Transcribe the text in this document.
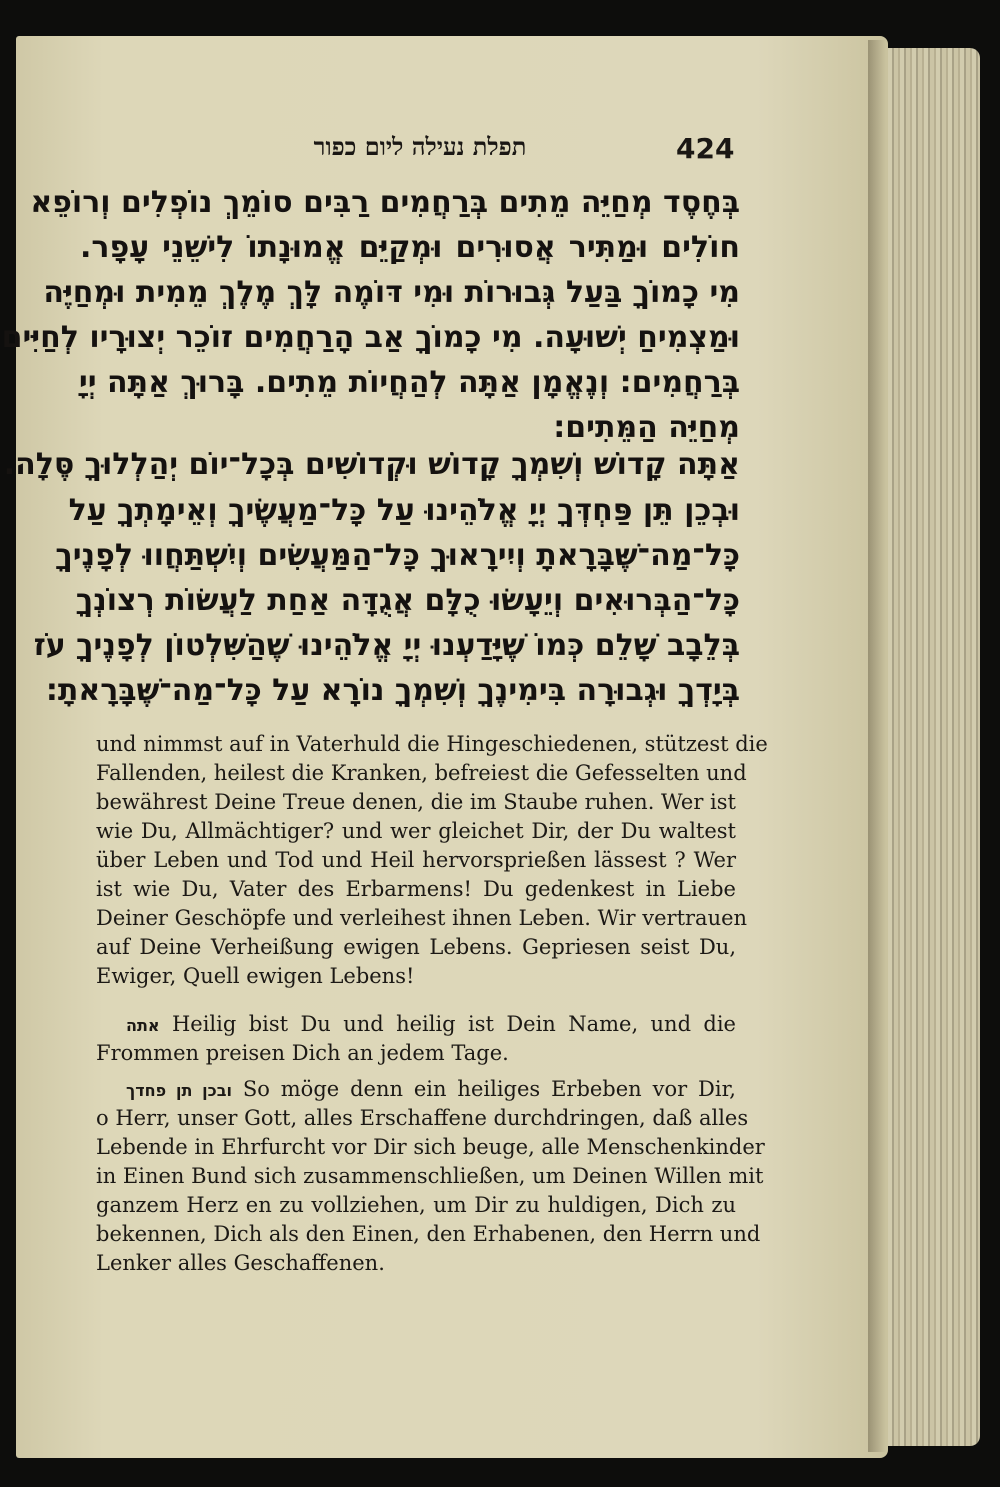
תפלת נעילה ליום כפור	424
בְּחֶסֶד מְחַיֵּה מֵתִים בְּרַחֲמִים רַבִּים סוֹמֵךְ נוֹפְלִים וְרוֹפֵא
חוֹלִים וּמַתִּיר אֲסוּרִים וּמְקַיֵּם אֱמוּנָתוֹ לִישֵׁנֵי עָפָר.
מִי כָמוֹךָ בַּעַל גְּבוּרוֹת וּמִי דּוֹמֶה לָּךְ מֶלֶךְ מֵמִית וּמְחַיֶּה
וּמַצְמִיחַ יְשׁוּעָה. מִי כָמוֹךָ אַב הָרַחֲמִים זוֹכֵר יְצוּרָיו לְחַיִּים
בְּרַחֲמִים: וְנֶאֱמָן אַתָּה לְהַחֲיוֹת מֵתִים. בָּרוּךְ אַתָּה יְיָ
מְחַיֵּה הַמֵּתִים:
אַתָּה קָדוֹשׁ וְשִׁמְךָ קָדוֹשׁ וּקְדוֹשִׁים בְּכָל־יוֹם יְהַלְלוּךָ סֶּלָה.
וּבְכֵן תֵּן פַּחְדְּךָ יְיָ אֱלֹהֵינוּ עַל כָּל־מַעֲשֶׂיךָ וְאֵימָתְךָ עַל
כָּל־מַה־שֶּׁבָּרָאתָ וְיִירָאוּךָ כָּל־הַמַּעֲשִׂים וְיִשְׁתַּחֲווּ לְפָנֶיךָ
כָּל־הַבְּרוּאִים וְיֵעָשׂוּ כֻלָּם אֲגֻדָּה אַחַת לַעֲשׂוֹת רְצוֹנְךָ
בְּלֵבָב שָׁלֵם כְּמוֹ שֶׁיָּדַעְנוּ יְיָ אֱלֹהֵינוּ שֶׁהַשִּׁלְטוֹן לְפָנֶיךָ עֹז
בְּיָדְךָ וּגְבוּרָה בִּימִינֶךָ וְשִׁמְךָ נוֹרָא עַל כָּל־מַה־שֶּׁבָּרָאתָ:
und nimmst auf in Vaterhuld die Hingeschiedenen, stützest die
Fallenden, heilest die Kranken, befreiest die Gefesselten und
bewährest Deine Treue denen, die im Staube ruhen. Wer ist
wie Du, Allmächtiger? und wer gleichet Dir, der Du waltest
über Leben und Tod und Heil hervorsprießen lässest ? Wer
ist wie Du, Vater des Erbarmens! Du gedenkest in Liebe
Deiner Geschöpfe und verleihest ihnen Leben. Wir vertrauen
auf Deine Verheißung ewigen Lebens. Gepriesen seist Du,
Ewiger, Quell ewigen Lebens!
אתה Heilig bist Du und heilig ist Dein Name, und die
Frommen preisen Dich an jedem Tage.
ובכן תן פחדך So möge denn ein heiliges Erbeben vor Dir,
o Herr, unser Gott, alles Erschaffene durchdringen, daß alles
Lebende in Ehrfurcht vor Dir sich beuge, alle Menschenkinder
in Einen Bund sich zusammenschließen, um Deinen Willen mit
ganzem Herz en zu vollziehen, um Dir zu huldigen, Dich zu
bekennen, Dich als den Einen, den Erhabenen, den Herrn und
Lenker alles Geschaffenen.
